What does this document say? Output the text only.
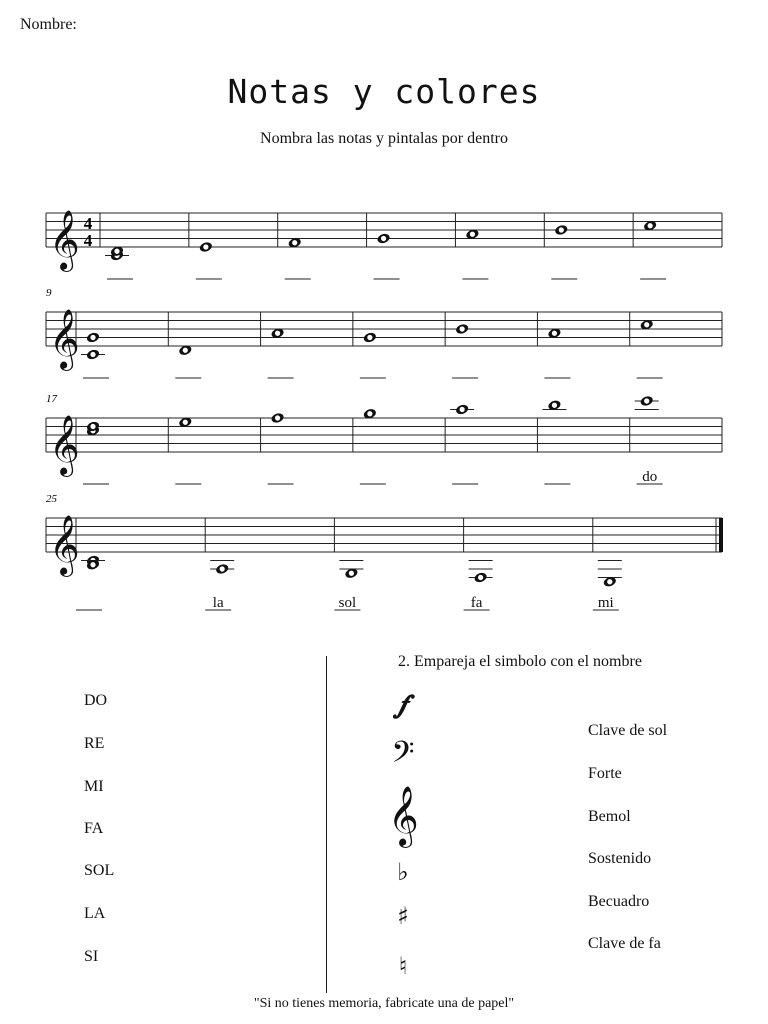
Nombre:
Notas y colores
Nombra las notas y pintalas por dentro
𝄞 4
4
𝄞
9
𝄞
17
do
𝄞
25
la	sol	fa	mi
2. Empareja el simbolo con el nombre
DO
RE
MI
FA
SOL
LA
SI
𝆑
𝄢
𝄞
♭
♯
♮
Clave de sol
Forte
Bemol
Sostenido
Becuadro
Clave de fa
"Si no tienes memoria, fabricate una de papel"
